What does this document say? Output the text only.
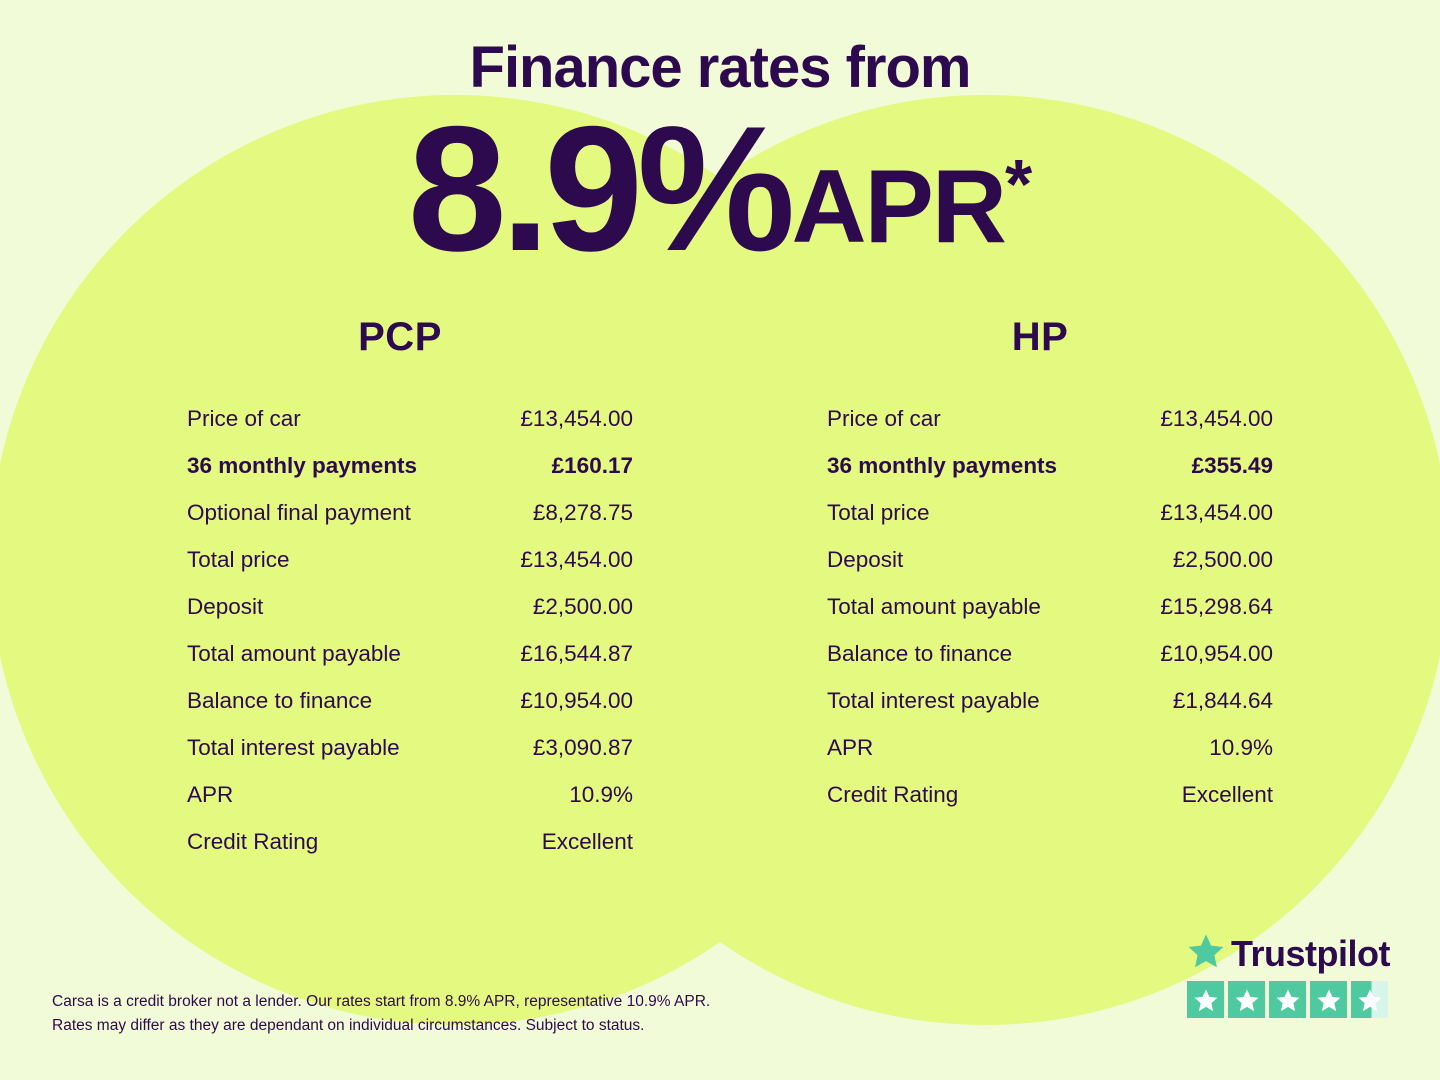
Finance rates from
8.9% APR *
PCP
Price of car	£13,454.00
36 monthly payments	£160.17
Optional final payment	£8,278.75
Total price	£13,454.00
Deposit	£2,500.00
Total amount payable	£16,544.87
Balance to finance	£10,954.00
Total interest payable	£3,090.87
APR	10.9%
Credit Rating	Excellent
HP
Price of car	£13,454.00
36 monthly payments	£355.49
Total price	£13,454.00
Deposit	£2,500.00
Total amount payable	£15,298.64
Balance to finance	£10,954.00
Total interest payable	£1,844.64
APR	10.9%
Credit Rating	Excellent
Carsa is a credit broker not a lender. Our rates start from 8.9% APR, representative 10.9% APR.
Rates may differ as they are dependant on individual circumstances. Subject to status.
Trustpilot
